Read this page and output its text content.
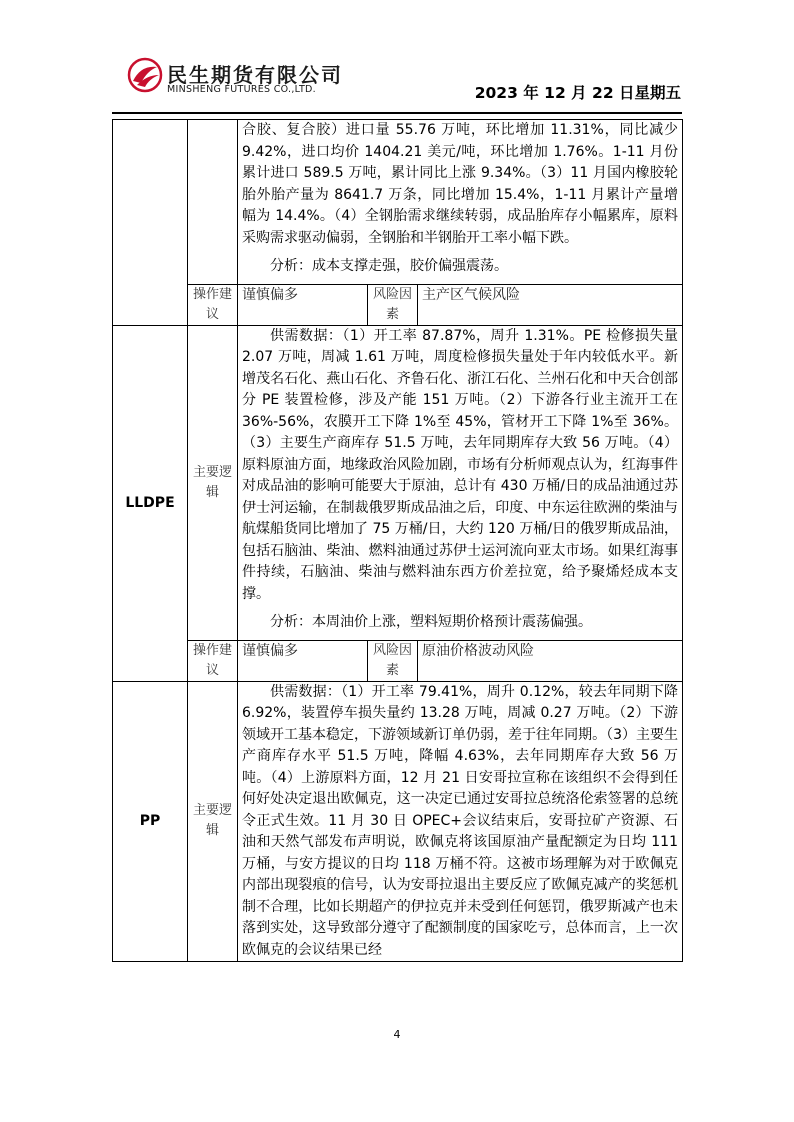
民生期货有限公司
MINSHENG FUTURES CO.,LTD.	2023 年 12 月 22 日星期五

		合胶、复合胶）进口量 55.76 万吨，环比增加 11.31%，同比减少 9.42%，进口均价 1404.21 美元/吨，环比增加 1.76%。1-11 月份累计进口 589.5 万吨，累计同比上涨 9.34%。（3）11 月国内橡胶轮胎外胎产量为 8641.7 万条，同比增加 15.4%，1-11 月累计产量增幅为 14.4%。（4）全钢胎需求继续转弱，成品胎库存小幅累库，原料采购需求驱动偏弱，全钢胎和半钢胎开工率小幅下跌。

分析：成本支撑走强，胶价偏强震荡。		

	操作建议	谨慎偏多	风险因素	主产区气候风险
LLDPE	主要逻辑	供需数据：（1）开工率 87.87%，周升 1.31%。PE 检修损失量 2.07 万吨，周减 1.61 万吨，周度检修损失量处于年内较低水平。新增茂名石化、燕山石化、齐鲁石化、浙江石化、兰州石化和中天合创部分 PE 装置检修，涉及产能 151 万吨。（2）下游各行业主流开工在 36%-56%，农膜开工下降 1%至 45%，管材开工下降 1%至 36%。（3）主要生产商库存 51.5 万吨，去年同期库存大致 56 万吨。（4）原料原油方面，地缘政治风险加剧，市场有分析师观点认为，红海事件对成品油的影响可能要大于原油，总计有 430 万桶/日的成品油通过苏伊士河运输，在制裁俄罗斯成品油之后，印度、中东运往欧洲的柴油与航煤船货同比增加了 75 万桶/日，大约 120 万桶/日的俄罗斯成品油，包括石脑油、柴油、燃料油通过苏伊士运河流向亚太市场。如果红海事件持续，石脑油、柴油与燃料油东西方价差拉宽，给予聚烯烃成本支撑。

分析：本周油价上涨，塑料短期价格预计震荡偏强。		

	操作建议	谨慎偏多	风险因素	原油价格波动风险
PP	主要逻辑	供需数据：（1）开工率 79.41%，周升 0.12%，较去年同期下降 6.92%，装置停车损失量约 13.28 万吨，周减 0.27 万吨。（2）下游领域开工基本稳定，下游领域新订单仍弱，差于往年同期。（3）主要生产商库存水平 51.5 万吨，降幅 4.63%，去年同期库存大致 56 万吨。（4）上游原料方面，12 月 21 日安哥拉宣称在该组织不会得到任何好处决定退出欧佩克，这一决定已通过安哥拉总统洛伦索签署的总统令正式生效。11 月 30 日 OPEC+会议结束后，安哥拉矿产资源、石油和天然气部发布声明说，欧佩克将该国原油产量配额定为日均 111 万桶，与安方提议的日均 118 万桶不符。这被市场理解为对于欧佩克内部出现裂痕的信号，认为安哥拉退出主要反应了欧佩克减产的奖惩机制不合理，比如长期超产的伊拉克并未受到任何惩罚，俄罗斯减产也未落到实处，这导致部分遵守了配额制度的国家吃亏，总体而言，上一次欧佩克的会议结果已经		

4
